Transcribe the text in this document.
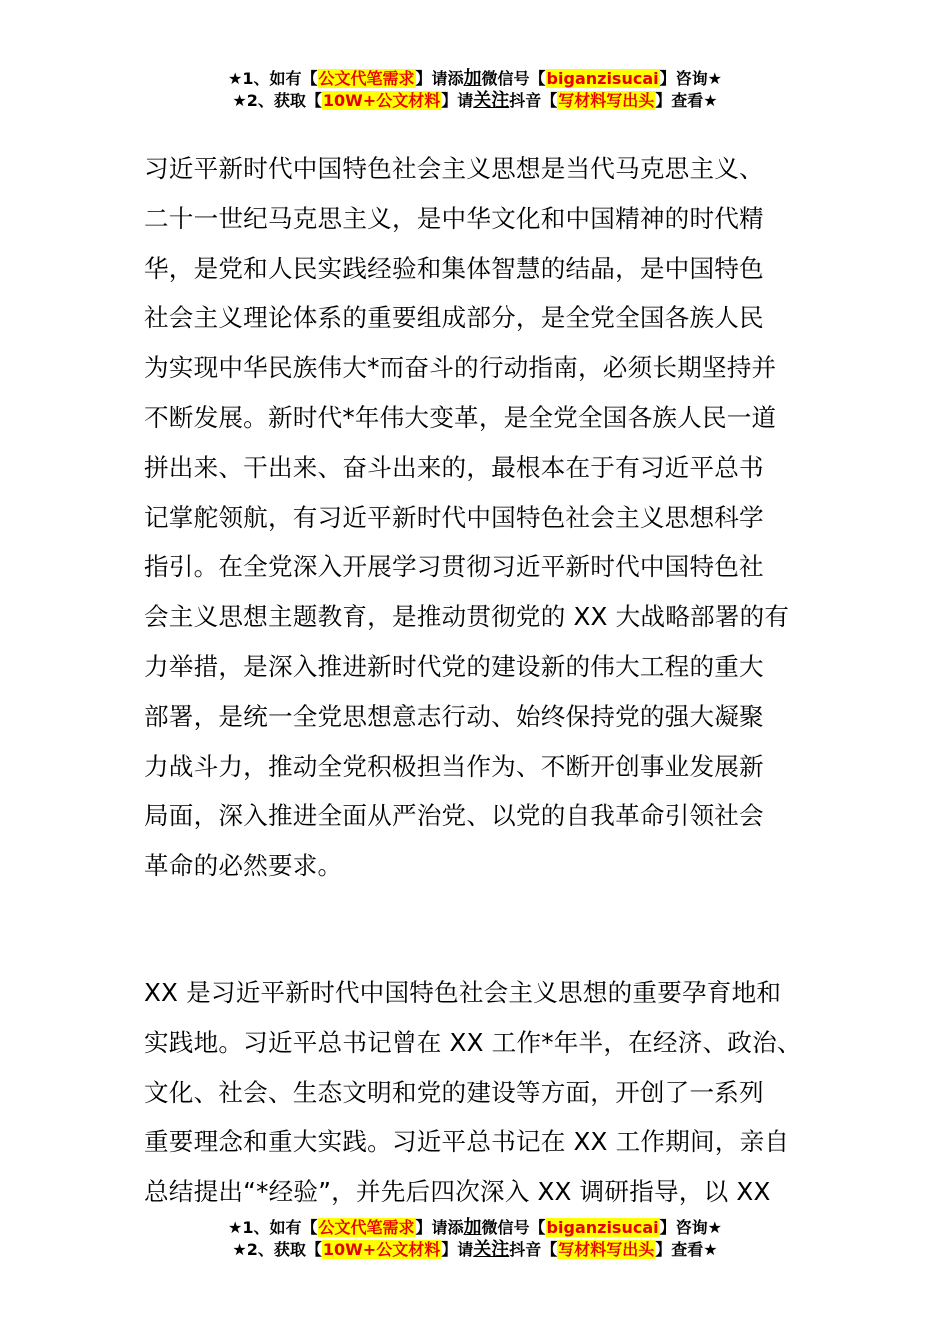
★1、如有【公文代笔需求】请添加微信号【biganzisucai】咨询★
★2、获取【10W+公文材料】请关注抖音【写材料写出头】查看★
习近平新时代中国特色社会主义思想是当代马克思主义、
二十一世纪马克思主义，是中华文化和中国精神的时代精
华，是党和人民实践经验和集体智慧的结晶，是中国特色
社会主义理论体系的重要组成部分，是全党全国各族人民
为实现中华民族伟大*而奋斗的行动指南，必须长期坚持并
不断发展。新时代*年伟大变革，是全党全国各族人民一道
拼出来、干出来、奋斗出来的，最根本在于有习近平总书
记掌舵领航，有习近平新时代中国特色社会主义思想科学
指引。在全党深入开展学习贯彻习近平新时代中国特色社
会主义思想主题教育，是推动贯彻党的 XX 大战略部署的有
力举措，是深入推进新时代党的建设新的伟大工程的重大
部署，是统一全党思想意志行动、始终保持党的强大凝聚
力战斗力，推动全党积极担当作为、不断开创事业发展新
局面，深入推进全面从严治党、以党的自我革命引领社会
革命的必然要求。
XX 是习近平新时代中国特色社会主义思想的重要孕育地和
实践地。习近平总书记曾在 XX 工作*年半，在经济、政治、
文化、社会、生态文明和党的建设等方面，开创了一系列
重要理念和重大实践。习近平总书记在 XX 工作期间，亲自
总结提出“*经验”，并先后四次深入 XX 调研指导，以 XX
★1、如有【公文代笔需求】请添加微信号【biganzisucai】咨询★
★2、获取【10W+公文材料】请关注抖音【写材料写出头】查看★
